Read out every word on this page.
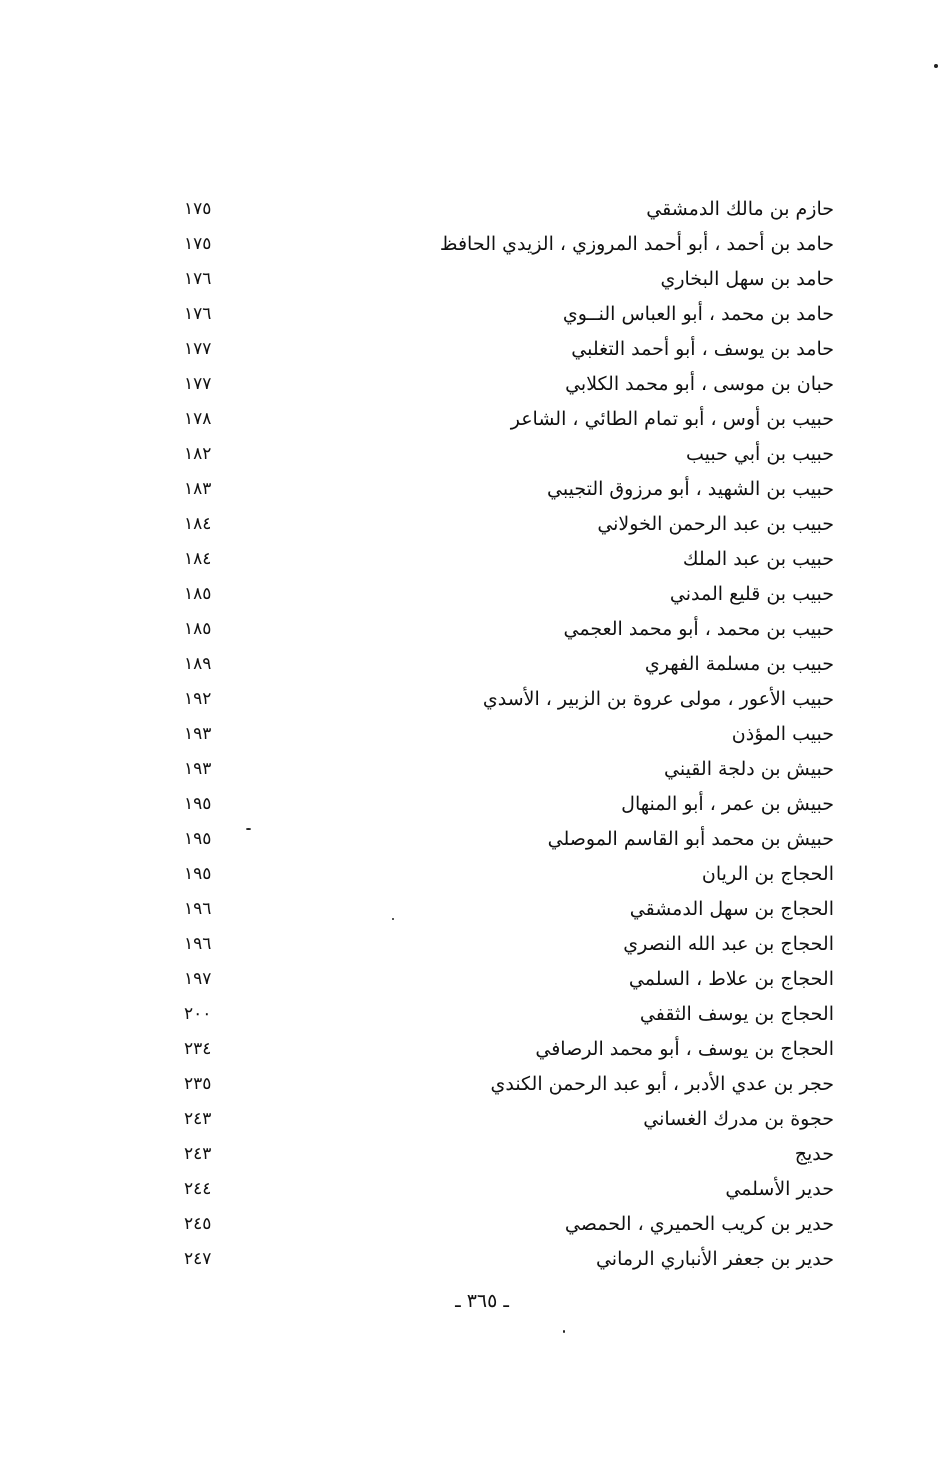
حازم بن مالك الدمشقي
١٧٥
حامد بن أحمد ، أبو أحمد المروزي ، الزيدي الحافظ
١٧٥
حامد بن سهل البخاري
١٧٦
حامد بن محمد ، أبو العباس النــوي
١٧٦
حامد بن يوسف ، أبو أحمد التغلبي
١٧٧
حبان بن موسى ، أبو محمد الكلابي
١٧٧
حبيب بن أوس ، أبو تمام الطائي ، الشاعر
١٧٨
حبيب بن أبي حبيب
١٨٢
حبيب بن الشهيد ، أبو مرزوق التجيبي
١٨٣
حبيب بن عبد الرحمن الخولاني
١٨٤
حبيب بن عبد الملك
١٨٤
حبيب بن قليع المدني
١٨٥
حبيب بن محمد ، أبو محمد العجمي
١٨٥
حبيب بن مسلمة الفهري
١٨٩
حبيب الأعور ، مولى عروة بن الزبير ، الأسدي
١٩٢
حبيب المؤذن
١٩٣
حبيش بن دلجة القيني
١٩٣
حبيش بن عمر ، أبو المنهال
١٩٥
حبيش بن محمد أبو القاسم الموصلي
١٩٥
الحجاج بن الريان
١٩٥
الحجاج بن سهل الدمشقي
١٩٦
الحجاج بن عبد الله النصري
١٩٦
الحجاج بن علاط ، السلمي
١٩٧
الحجاج بن يوسف الثقفي
٢٠٠
الحجاج بن يوسف ، أبو محمد الرصافي
٢٣٤
حجر بن عدي الأدبر ، أبو عبد الرحمن الكندي
٢٣٥
حجوة بن مدرك الغساني
٢٤٣
حديج
٢٤٣
حدير الأسلمي
٢٤٤
حدير بن كريب الحميري ، الحمصي
٢٤٥
حدير بن جعفر الأنباري الرماني
٢٤٧
ـ ٣٦٥ ـ
